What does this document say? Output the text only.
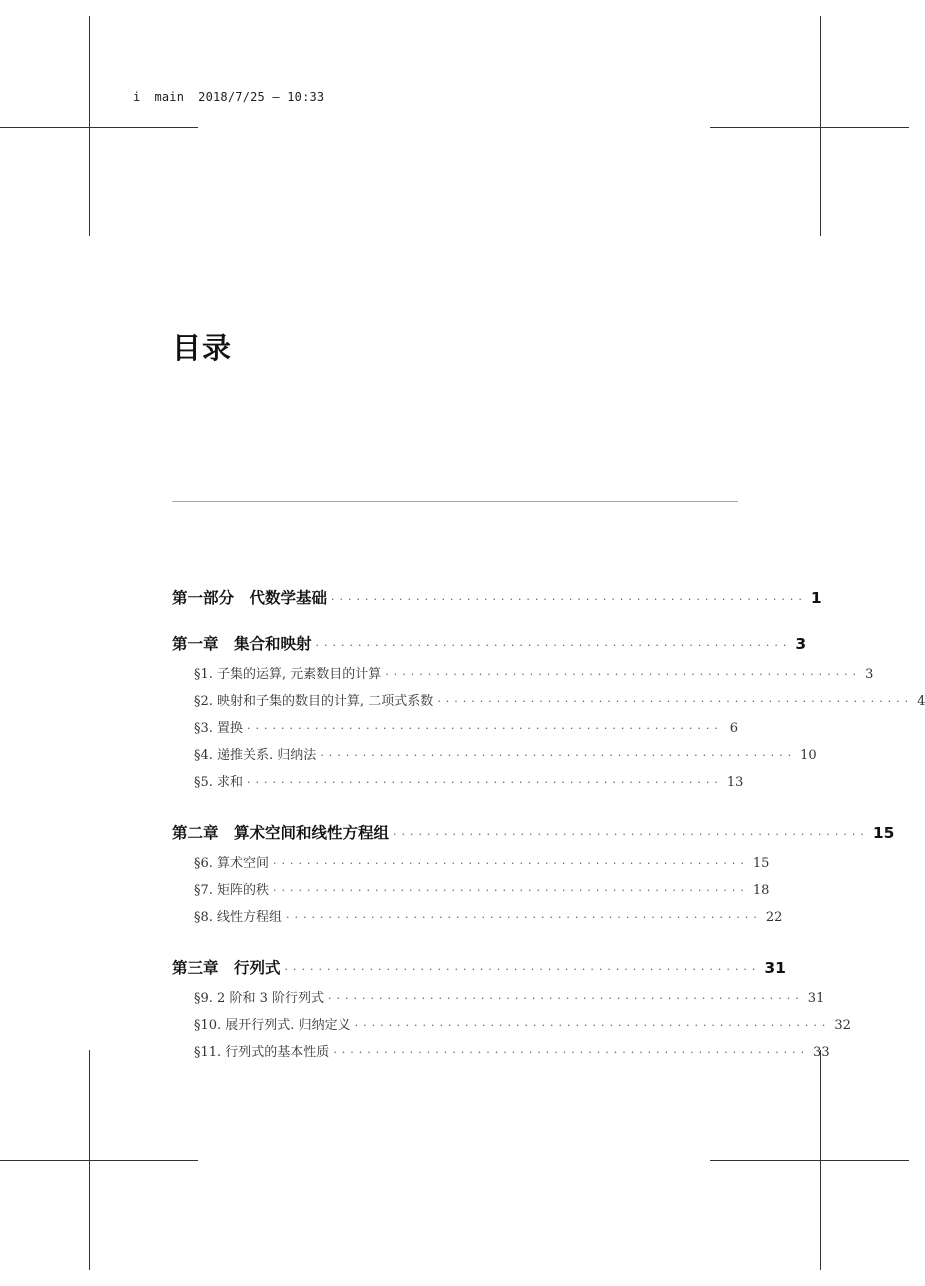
i main 2018/7/25 – 10:33
目录
第一部分　代数学基础 ························································ 1
第一章　集合和映射 ························································ 3
§1. 子集的运算, 元素数目的计算 ························································ 3
§2. 映射和子集的数目的计算, 二项式系数 ························································ 4
§3. 置换 ························································ 6
§4. 递推关系. 归纳法 ························································ 10
§5. 求和 ························································ 13
第二章　算术空间和线性方程组 ························································ 15
§6. 算术空间 ························································ 15
§7. 矩阵的秩 ························································ 18
§8. 线性方程组 ························································ 22
第三章　行列式 ························································ 31
§9. 2 阶和 3 阶行列式 ························································ 31
§10. 展开行列式. 归纳定义 ························································ 32
§11. 行列式的基本性质 ························································ 33
